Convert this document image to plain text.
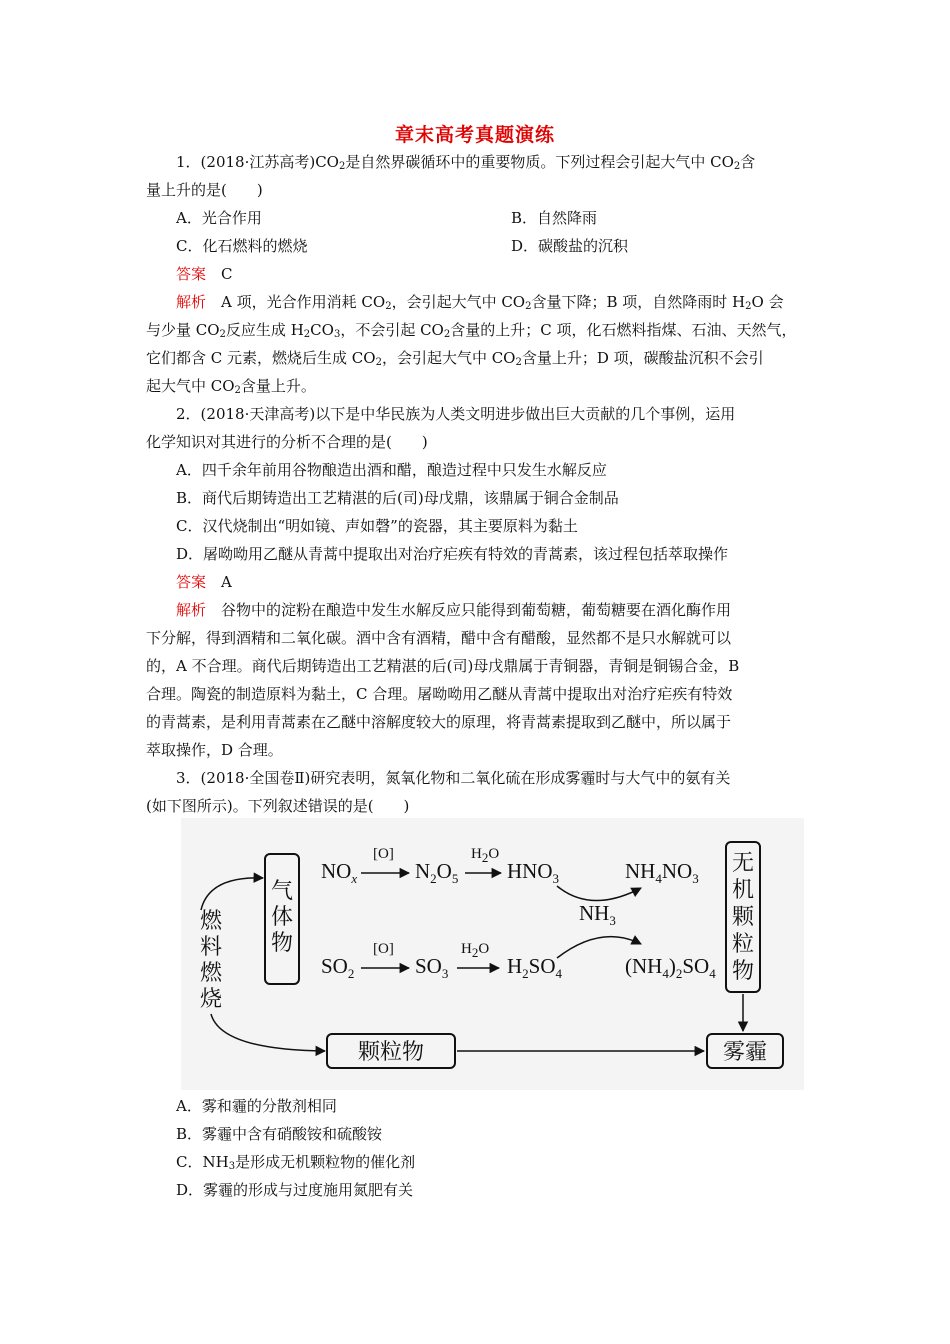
章末高考真题演练
1．(2018·江苏高考)$CO_2$是自然界碳循环中的重要物质。下列过程会引起大气中 $CO_2$含
量上升的是(　　)
A．光合作用	B．自然降雨
C．化石燃料的燃烧	D．碳酸盐的沉积
答案　 C
解析　 A 项，光合作用消耗 $CO_2$，会引起大气中 $CO_2$含量下降；B 项，自然降雨时 $H_2O$ 会
与少量 $CO_2$反应生成 $H_2CO_3$，不会引起 $CO_2$含量的上升；C 项，化石燃料指煤、石油、天然气，
它们都含 C 元素，燃烧后生成 $CO_2$，会引起大气中 $CO_2$含量上升；D 项，碳酸盐沉积不会引
起大气中 $CO_2$含量上升。
2．(2018·天津高考)以下是中华民族为人类文明进步做出巨大贡献的几个事例，运用
化学知识对其进行的分析不合理的是(　　)
A．四千余年前用谷物酿造出酒和醋，酿造过程中只发生水解反应
B．商代后期铸造出工艺精湛的后(司)母戊鼎，该鼎属于铜合金制品
C．汉代烧制出“明如镜、声如磬”的瓷器，其主要原料为黏土
D．屠呦呦用乙醚从青蒿中提取出对治疗疟疾有特效的青蒿素，该过程包括萃取操作
答案　 A
解析　 谷物中的淀粉在酿造中发生水解反应只能得到葡萄糖，葡萄糖要在酒化酶作用
下分解，得到酒精和二氧化碳。酒中含有酒精，醋中含有醋酸，显然都不是只水解就可以
的，A 不合理。商代后期铸造出工艺精湛的后(司)母戊鼎属于青铜器，青铜是铜锡合金，B
合理。陶瓷的制造原料为黏土，C 合理。屠呦呦用乙醚从青蒿中提取出对治疗疟疾有特效
的青蒿素，是利用青蒿素在乙醚中溶解度较大的原理，将青蒿素提取到乙醚中，所以属于
萃取操作，D 合理。
3．(2018·全国卷Ⅱ)研究表明，氮氧化物和二氧化硫在形成雾霾时与大气中的氨有关
(如下图所示)。下列叙述错误的是(　　)
燃
料
燃
烧
气
体
物
无
机
颗
粒
物
颗粒物	雾霾
$NO_x$
[O]
$N_2O_5$
H2O
$HNO_3$	$NH_4NO_3$
$NH_3$
$SO_2$
[O]
$SO_3$
H2O
$H_2SO_4$	$(NH_4)_2SO_4$
A．雾和霾的分散剂相同
B．雾霾中含有硝酸铵和硫酸铵
C．$NH_3$是形成无机颗粒物的催化剂
D．雾霾的形成与过度施用氮肥有关
